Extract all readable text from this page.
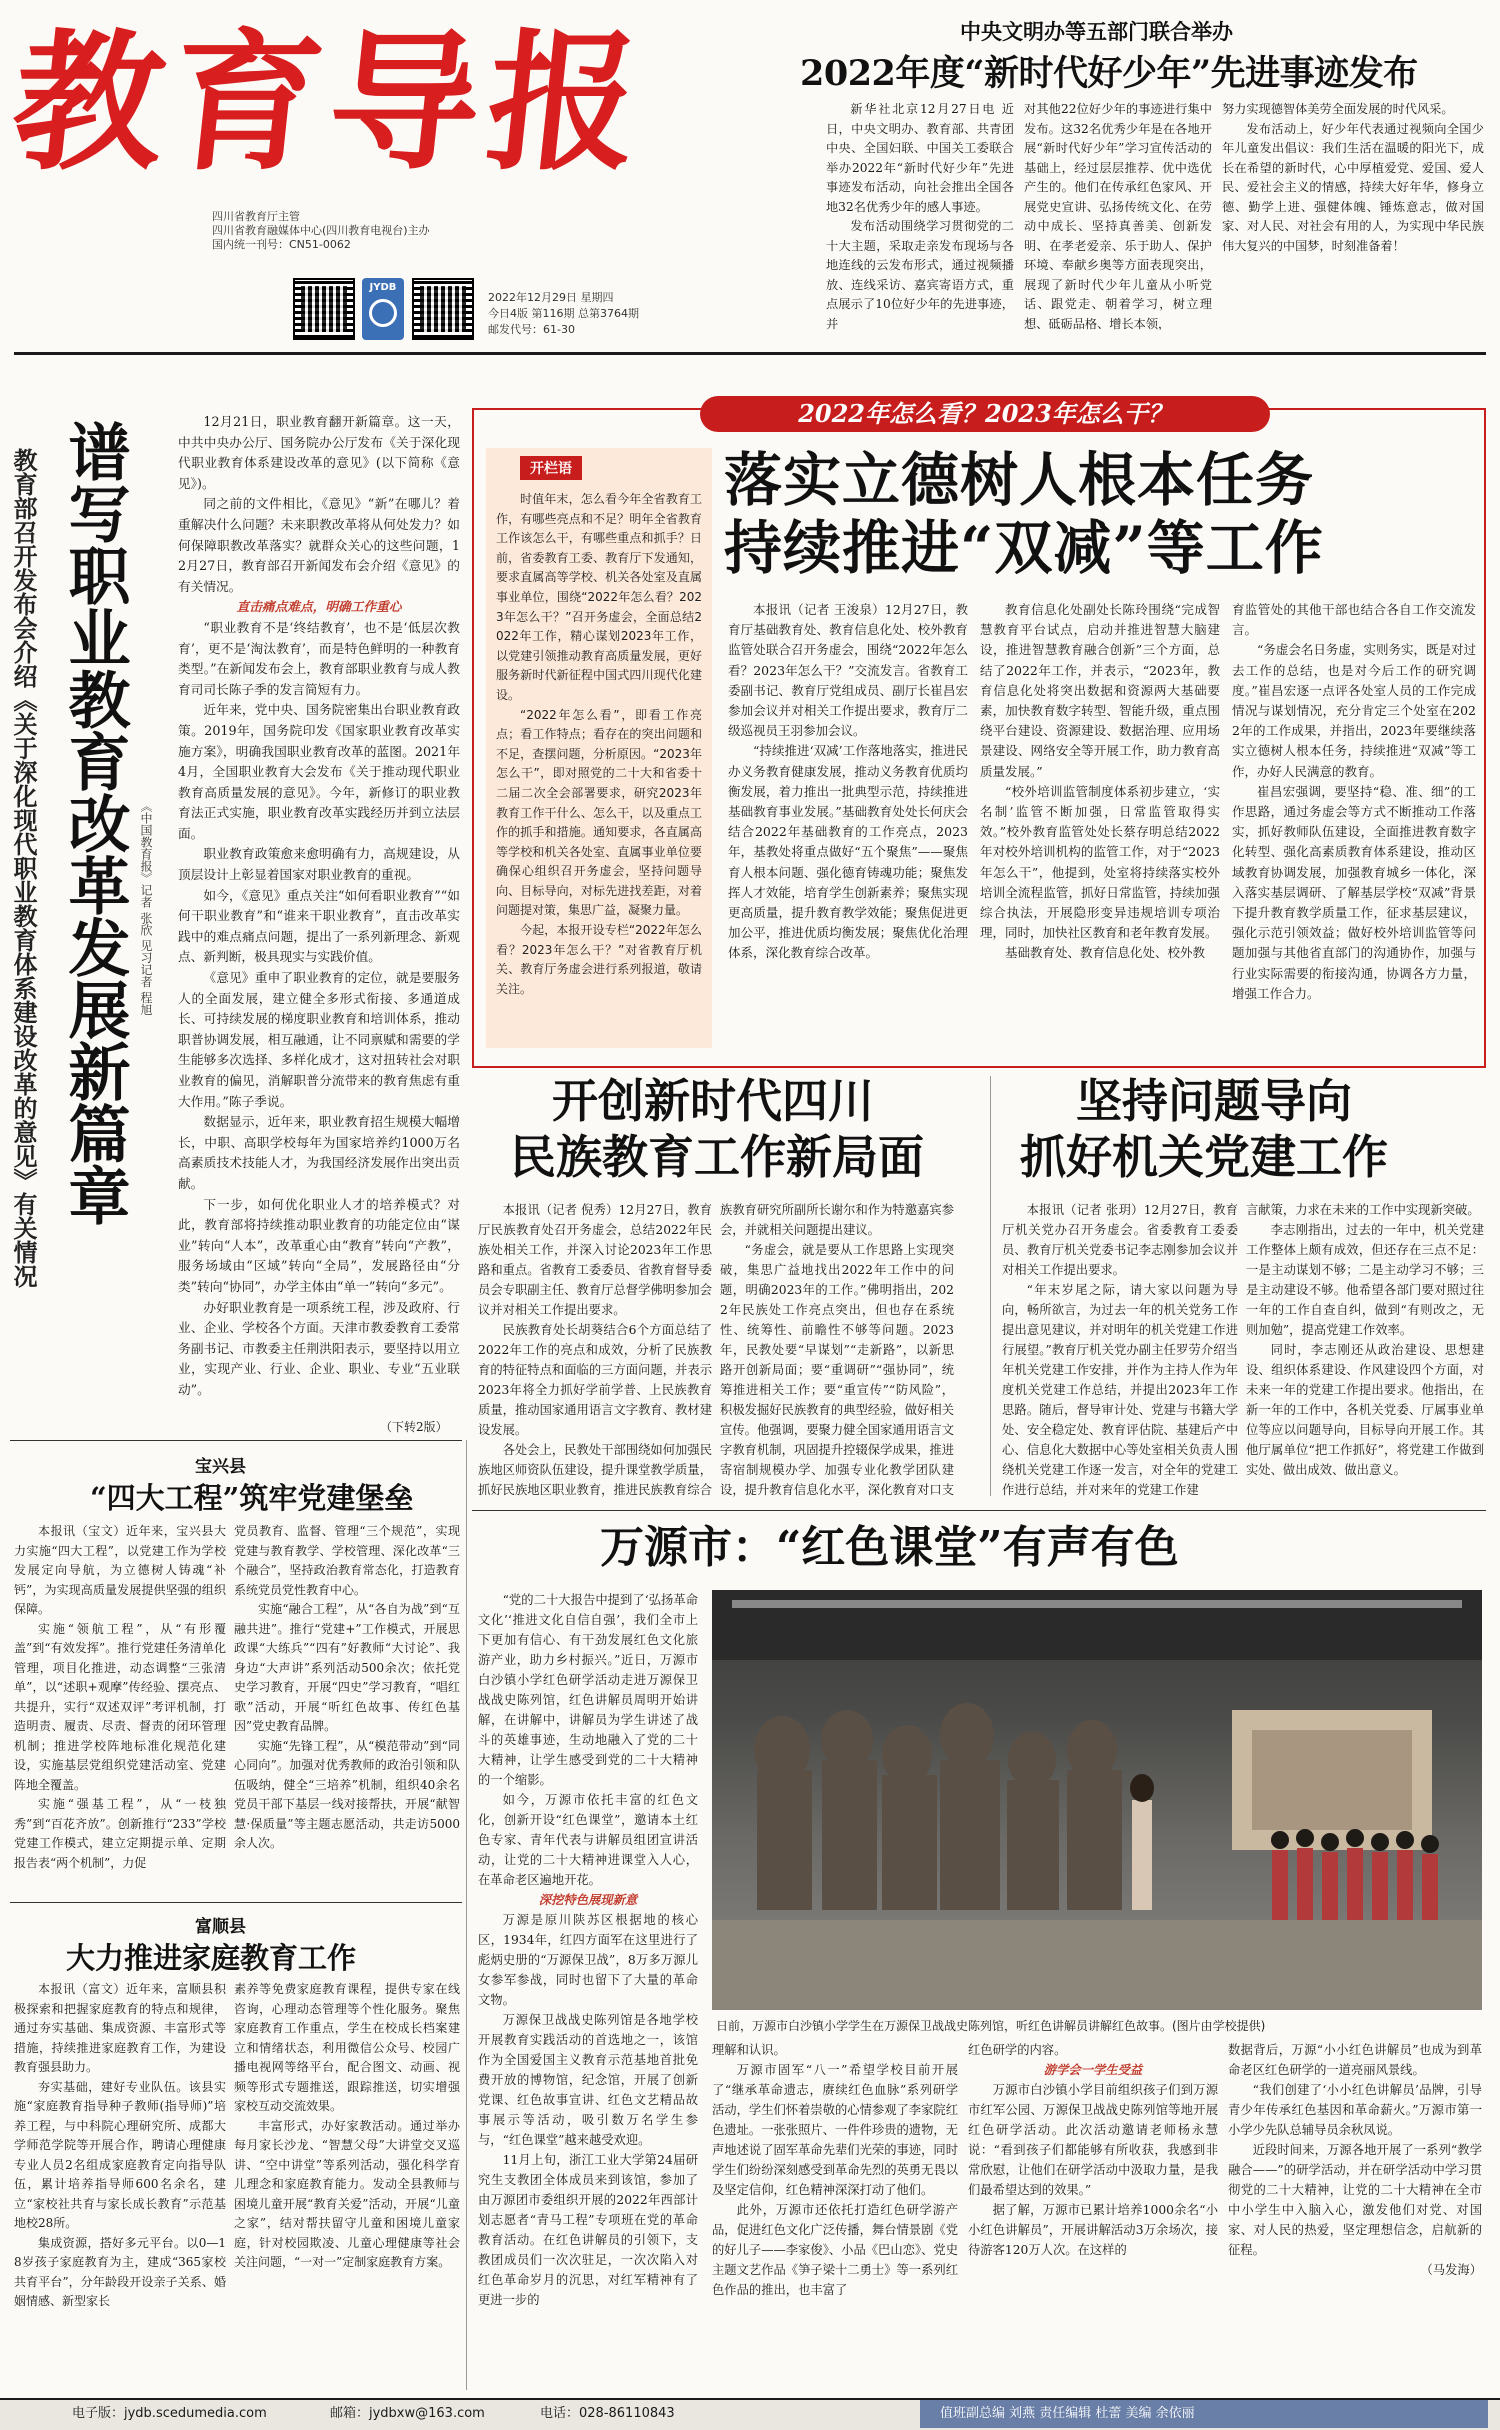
教育导报
四川省教育厅主管
四川省教育融媒体中心(四川教育电视台)主办
国内统一刊号：CN51-0062
JYDB
2022年12月29日 星期四
今日4版 第116期 总第3764期
邮发代号：61-30
中央文明办等五部门联合举办
2022年度“新时代好少年”先进事迹发布

新华社北京12月27日电 近日，中央文明办、教育部、共青团中央、全国妇联、中国关工委联合举办2022年“新时代好少年”先进事迹发布活动，向社会推出全国各地32名优秀少年的感人事迹。

发布活动围绕学习贯彻党的二十大主题，采取走亲发布现场与各地连线的云发布形式，通过视频播放、连线采访、嘉宾寄语方式，重点展示了10位好少年的先进事迹，并

对其他22位好少年的事迹进行集中发布。这32名优秀少年是在各地开展“新时代好少年”学习宣传活动的基础上，经过层层推荐、优中选优产生的。他们在传承红色家风、开展党史宣讲、弘扬传统文化、在劳动中成长、坚持真善美、创新发明、在孝老爱亲、乐于助人、保护环境、奉献乡奥等方面表现突出，展现了新时代少年儿童从小听党话、跟党走、朝着学习，树立理想、砥砺品格、增长本领，

努力实现德智体美劳全面发展的时代风采。

发布活动上，好少年代表通过视频向全国少年儿童发出倡议：我们生活在温暖的阳光下，成长在希望的新时代，心中厚植爱党、爱国、爱人民、爱社会主义的情感，持续大好年华，修身立德、勤学上进、强健体魄、锤炼意志，做对国家、对人民、对社会有用的人，为实现中华民族伟大复兴的中国梦，时刻准备着！

谱写职业教育改革发展新篇章
教育部召开发布会介绍《关于深化现代职业教育体系建设改革的意见》有关情况	《中国教育报》记者 张欣 见习记者 程旭

12月21日，职业教育翻开新篇章。这一天，中共中央办公厅、国务院办公厅发布《关于深化现代职业教育体系建设改革的意见》(以下简称《意见》)。

同之前的文件相比，《意见》“新”在哪儿？着重解决什么问题？未来职教改革将从何处发力？如何保障职教改革落实？就群众关心的这些问题，12月27日，教育部召开新闻发布会介绍《意见》的有关情况。

直击痛点难点，明确工作重心

“职业教育不是‘终结教育’，也不是‘低层次教育’，更不是‘淘汰教育’，而是特色鲜明的一种教育类型。”在新闻发布会上，教育部职业教育与成人教育司司长陈子季的发言简短有力。

近年来，党中央、国务院密集出台职业教育政策。2019年，国务院印发《国家职业教育改革实施方案》，明确我国职业教育改革的蓝图。2021年4月，全国职业教育大会发布《关于推动现代职业教育高质量发展的意见》。今年，新修订的职业教育法正式实施，职业教育改革实践经历并到立法层面。

职业教育政策愈来愈明确有力，高规建设，从顶层设计上彰显着国家对职业教育的重视。

如今，《意见》重点关注“如何看职业教育”“如何干职业教育”和“谁来干职业教育”，直击改革实践中的难点痛点问题，提出了一系列新理念、新观点、新判断，极具现实与实践价值。

《意见》重申了职业教育的定位，就是要服务人的全面发展，建立健全多形式衔接、多通道成长、可持续发展的梯度职业教育和培训体系，推动职普协调发展，相互融通，让不同禀赋和需要的学生能够多次选择、多样化成才，这对扭转社会对职业教育的偏见，消解职普分流带来的教育焦虑有重大作用。”陈子季说。

数据显示，近年来，职业教育招生规模大幅增长，中职、高职学校每年为国家培养约1000万名高素质技术技能人才，为我国经济发展作出突出贡献。

下一步，如何优化职业人才的培养模式？对此，教育部将持续推动职业教育的功能定位由“谋业”转向“人本”，改革重心由“教育”转向“产教”，服务场域由“区域”转向“全局”，发展路径由“分类”转向“协同”，办学主体由“单一”转向“多元”。

办好职业教育是一项系统工程，涉及政府、行业、企业、学校各个方面。天津市教委教育工委常务副书记、市教委主任荆洪阳表示，要坚持以用立业，实现产业、行业、企业、职业、专业“五业联动”。

（下转2版）
2022年怎么看？2023年怎么干？
开栏语

时值年末，怎么看今年全省教育工作，有哪些亮点和不足？明年全省教育工作该怎么干，有哪些重点和抓手？日前，省委教育工委、教育厅下发通知，要求直属高等学校、机关各处室及直属事业单位，围绕“2022年怎么看？2023年怎么干？”召开务虚会，全面总结2022年工作，精心谋划2023年工作，以党建引领推动教育高质量发展，更好服务新时代新征程中国式四川现代化建设。

“2022年怎么看”，即看工作亮点；看工作特点；看存在的突出问题和不足，查摆问题，分析原因。“2023年怎么干”，即对照党的二十大和省委十二届二次全会部署要求，研究2023年教育工作干什么、怎么干，以及重点工作的抓手和措施。通知要求，各直属高等学校和机关各处室、直属事业单位要确保心组织召开务虚会，坚持问题导向、目标导向，对标先进找差距，对着问题提对策，集思广益，凝聚力量。

今起，本报开设专栏“2022年怎么看？2023年怎么干？”对省教育厅机关、教育厅务虚会进行系列报道，敬请关注。

落实立德树人根本任务
持续推进“双减”等工作

本报讯（记者 王浚泉）12月27日，教育厅基础教育处、教育信息化处、校外教育监管处联合召开务虚会，围绕“2022年怎么看？2023年怎么干？”交流发言。省教育工委副书记、教育厅党组成员、副厅长崔昌宏参加会议并对相关工作提出要求，教育厅二级巡视员王羽参加会议。

“持续推进‘双减’工作落地落实，推进民办义务教育健康发展，推动义务教育优质均衡发展，着力推出一批典型示范，持续推进基础教育事业发展。”基础教育处处长何庆会结合2022年基础教育的工作亮点，2023年，基教处将重点做好“五个聚焦”——聚焦育人根本问题、强化德育铸魂功能；聚焦发挥人才效能，培育学生创新素养；聚焦实现更高质量，提升教育教学效能；聚焦促进更加公平，推进优质均衡发展；聚焦优化治理体系，深化教育综合改革。

教育信息化处副处长陈玲围绕“完成智慧教育平台试点，启动并推进智慧大脑建设，推进智慧教育融合创新”三个方面，总结了2022年工作，并表示，“2023年，教育信息化处将突出数据和资源两大基础要素，加快教育数字转型、智能升级，重点围绕平台建设、资源建设、数据治理、应用场景建设、网络安全等开展工作，助力教育高质量发展。”

“校外培训监管制度体系初步建立，‘实名制’监管不断加强，日常监管取得实效。”校外教育监管处处长蔡存明总结2022年对校外培训机构的监管工作，对于“2023年怎么干”，他提到，处室将持续落实校外培训全流程监管，抓好日常监管，持续加强综合执法，开展隐形变异违规培训专项治理，同时，加快社区教育和老年教育发展。

基础教育处、教育信息化处、校外教

育监管处的其他干部也结合各自工作交流发言。

“务虚会名日务虚，实则务实，既是对过去工作的总结，也是对今后工作的研究调度。”崔昌宏逐一点评各处室人员的工作完成情况与谋划情况，充分肯定三个处室在2022年的工作成果，并指出，2023年要继续落实立德树人根本任务，持续推进“双减”等工作，办好人民满意的教育。

崔昌宏强调，要坚持“稳、准、细”的工作思路，通过务虚会等方式不断推动工作落实，抓好教师队伍建设，全面推进教育数字化转型、强化高素质教育体系建设，推动区域教育协调发展，加强教育城乡一体化，深入落实基层调研、了解基层学校“双减”背景下提升教育教学质量工作，征求基层建议，强化示范引领效益；做好校外培训监管等问题加强与其他省直部门的沟通协作，加强与行业实际需要的衔接沟通，协调各方力量，增强工作合力。

开创新时代四川
民族教育工作新局面

本报讯（记者 倪秀）12月27日，教育厅民族教育处召开务虚会，总结2022年民族处相关工作，并深入讨论2023年工作思路和重点。省教育工委委员、省教育督导委员会专职副主任、教育厅总督学佛明参加会议并对相关工作提出要求。

民族教育处长胡葵结合6个方面总结了2022年工作的亮点和成效，分析了民族教育的特征特点和面临的三方面问题，并表示2023年将全力抓好学前学普、上民族教育质量，推动国家通用语言文字教育、教材建设发展。

各处会上，民教处干部围绕如何加强民族地区师资队伍建设，提升课堂教学质量，抓好民族地区职业教育，推进民族教育综合

族教育研究所副所长谢尔和作为特邀嘉宾参会，并就相关问题提出建议。

“务虚会，就是要从工作思路上实现突破，集思广益地找出2022年工作中的问题，明确2023年的工作。”佛明指出，2022年民族处工作亮点突出，但也存在系统性、统筹性、前瞻性不够等问题。2023年，民教处要“早谋划”“走新路”，以新思路开创新局面；要“重调研”“强协同”，统筹推进相关工作；要“重宣传”“防风险”，积极发掘好民族教育的典型经验，做好相关宣传。他强调，要聚力健全国家通用语言文字教育机制，巩固提升控辍保学成果，推进寄宿制规模办学、加强专业化教学团队建设，提升教育信息化水平，深化教育对口支

坚持问题导向
抓好机关党建工作

本报讯（记者 张玥）12月27日，教育厅机关党办召开务虚会。省委教育工委委员、教育厅机关党委书记李志刚参加会议并对相关工作提出要求。

“年末岁尾之际，请大家以问题为导向，畅所欲言，为过去一年的机关党务工作提出意见建议，并对明年的机关党建工作进行展望。”教育厅机关党办副主任罗劳介绍当年机关党建工作安排，并作为主持人作为年度机关党建工作总结，并提出2023年工作思路。随后，督导审计处、党建与书籍大学处、安全稳定处、教育评估院、基建后产中心、信息化大数据中心等处室相关负责人围绕机关党建工作逐一发言，对全年的党建工作进行总结，并对来年的党建工作建

言献策，力求在未来的工作中实现新突破。

李志刚指出，过去的一年中，机关党建工作整体上颇有成效，但还存在三点不足：一是主动谋划不够；二是主动学习不够；三是主动建设不够。他希望各部门要对照过往一年的工作自查自纠，做到“有则改之，无则加勉”，提高党建工作效率。

同时，李志刚还从政治建设、思想建设、组织体系建设、作风建设四个方面，对未来一年的党建工作提出要求。他指出，在新一年的工作中，各机关党委、厅属事业单位等应以问题导向，目标导向开展工作。其他厅属单位“把工作抓好”，将党建工作做到实处、做出成效、做出意义。

宝兴县
“四大工程”筑牢党建堡垒

本报讯（宝文）近年来，宝兴县大力实施“四大工程”，以党建工作为学校发展定向导航，为立德树人铸魂“补钙”，为实现高质量发展提供坚强的组织保障。

实施“领航工程”，从“有形覆盖”到“有效发挥”。推行党建任务清单化管理，项目化推进，动态调整“三张清单”，以“述职+观摩”传经验、摆亮点、共提升，实行“双述双评”考评机制，打造明责、履责、尽责、督责的闭环管理机制；推进学校阵地标准化规范化建设，实施基层党组织党建活动室、党建阵地全覆盖。

实施“强基工程”，从“一枝独秀”到“百花齐放”。创新推行“233”学校党建工作模式，建立定期提示单、定期报告表“两个机制”，力促

党员教育、监督、管理“三个规范”，实现党建与教育教学、学校管理、深化改革“三个融合”，坚持政治教育常态化，打造教育系统党员党性教育中心。

实施“融合工程”，从“各自为战”到“互融共进”。推行“党建+”工作模式，开展思政课“大练兵”“四有”好教师“大讨论”、我身边“大声讲”系列活动500余次；依托党史学习教育，开展“四史”学习教育，“唱红歌”活动，开展“听红色故事、传红色基因”党史教育品牌。

实施“先锋工程”，从“模范带动”到“同心同向”。加强对优秀教师的政治引领和队伍吸纳，健全“三培养”机制，组织40余名党员干部下基层一线对接帮扶，开展“献智慧·保质量”等主题志愿活动，共走访5000余人次。

富顺县
大力推进家庭教育工作

本报讯（富文）近年来，富顺县积极探索和把握家庭教育的特点和规律，通过夯实基础、集成资源、丰富形式等措施，持续推进家庭教育工作，为建设教育强县助力。

夯实基础，建好专业队伍。该县实施“家庭教育指导种子教师(指导师)”培养工程，与中科院心理研究所、成都大学师范学院等开展合作，聘请心理健康专业人员2名组成家庭教育定向指导队伍，累计培养指导师600名余名，建立“家校社共育与家长成长教育”示范基地校28所。

集成资源，搭好多元平台。以0—18岁孩子家庭教育为主，建成“365家校共育平台”，分年龄段开设亲子关系、婚姻情感、新型家长

素养等免费家庭教育课程，提供专家在线咨询，心理动态管理等个性化服务。聚焦家庭教育工作重点，学生在校成长档案建立和情绪状态，利用微信公众号、校园广播电视网等络平台，配合图文、动画、视频等形式专题推送，跟踪推送，切实增强家校互动交流效果。

丰富形式，办好家教活动。通过举办每月家长沙龙、“智慧父母”大讲堂交叉巡讲、“空中讲堂”等系列活动，强化科学育儿理念和家庭教育能力。发动全县教师与困境儿童开展“教育关爱”活动，开展“儿童之家”，结对帮扶留守儿童和困境儿童家庭，针对校园欺凌、儿童心理健康等社会关注问题，“一对一”定制家庭教育方案。

万源市：“红色课堂”有声有色

“党的二十大报告中提到了‘弘扬革命文化’‘推进文化自信自强’，我们全市上下更加有信心、有干劲发展红色文化旅游产业，助力乡村振兴。”近日，万源市白沙镇小学红色研学活动走进万源保卫战战史陈列馆，红色讲解员周明开始讲解，在讲解中，讲解员为学生讲述了战斗的英雄事迹，生动地融入了党的二十大精神，让学生感受到党的二十大精神的一个缩影。

如今，万源市依托丰富的红色文化，创新开设“红色课堂”，邀请本土红色专家、青年代表与讲解员组团宣讲活动，让党的二十大精神进课堂入人心，在革命老区遍地开花。

深挖特色展现新意

万源是原川陕苏区根据地的核心区，1934年，红四方面军在这里进行了彪炳史册的“万源保卫战”，8万多万源儿女参军参战，同时也留下了大量的革命文物。

万源保卫战战史陈列馆是各地学校开展教育实践活动的首选地之一，该馆作为全国爱国主义教育示范基地首批免费开放的博物馆，纪念馆，开展了创新党课、红色故事宣讲、红色文艺精品故事展示等活动，吸引数万名学生参与，“红色课堂”越来越受欢迎。

11月上旬，浙江工业大学第24届研究生支教团全体成员来到该馆，参加了由万源团市委组织开展的2022年西部计划志愿者“青马工程”专项班在党的革命教育活动。在红色讲解员的引领下，支教团成员们一次次驻足，一次次陷入对红色革命岁月的沉思，对红军精神有了更进一步的

日前，万源市白沙镇小学学生在万源保卫战战史陈列馆，听红色讲解员讲解红色故事。(图片由学校提供)

理解和认识。

万源市固军“八一”希望学校目前开展了“继承革命遗志，赓续红色血脉”系列研学活动，学生们怀着崇敬的心情参观了李家院红色遗址。一张张照片、一件件珍贵的遗物，无声地述说了固军革命先辈们光荣的事迹，同时学生们纷纷深刻感受到革命先烈的英勇无畏以及坚定信仰，红色精神深深打动了他们。

此外，万源市还依托打造红色研学游产品，促进红色文化广泛传播，舞台情景剧《党的好儿子——李家俊》、小品《巴山恋》、党史主题文艺作品《笋子梁十二勇士》等一系列红色作品的推出，也丰富了

红色研学的内容。

游学会一学生受益

万源市白沙镇小学目前组织孩子们到万源市红军公园、万源保卫战战史陈列馆等地开展红色研学活动。此次活动邀请老师杨永慧说：“看到孩子们都能够有所收获，我感到非常欣慰，让他们在研学活动中汲取力量，是我们最希望达到的效果。”

据了解，万源市已累计培养1000余名“小小红色讲解员”，开展讲解活动3万余场次，接待游客120万人次。在这样的

数据背后，万源“小小红色讲解员”也成为到革命老区红色研学的一道亮丽风景线。

“我们创建了‘小小红色讲解员’品牌，引导青少年传承红色基因和革命薪火。”万源市第一小学少先队总辅导员余秋凤说。

近段时间来，万源各地开展了一系列“教学融合——”的研学活动，并在研学活动中学习贯彻党的二十大精神，让党的二十大精神在全市中小学生中入脑入心，激发他们对党、对国家、对人民的热爱，坚定理想信念，启航新的征程。

（马发海）

电子版：jydb.scedumedia.com	邮箱：jydbxw@163.com	电话：028-86110843	值班副总编 刘燕 责任编辑 杜蕾 美编 余依丽
